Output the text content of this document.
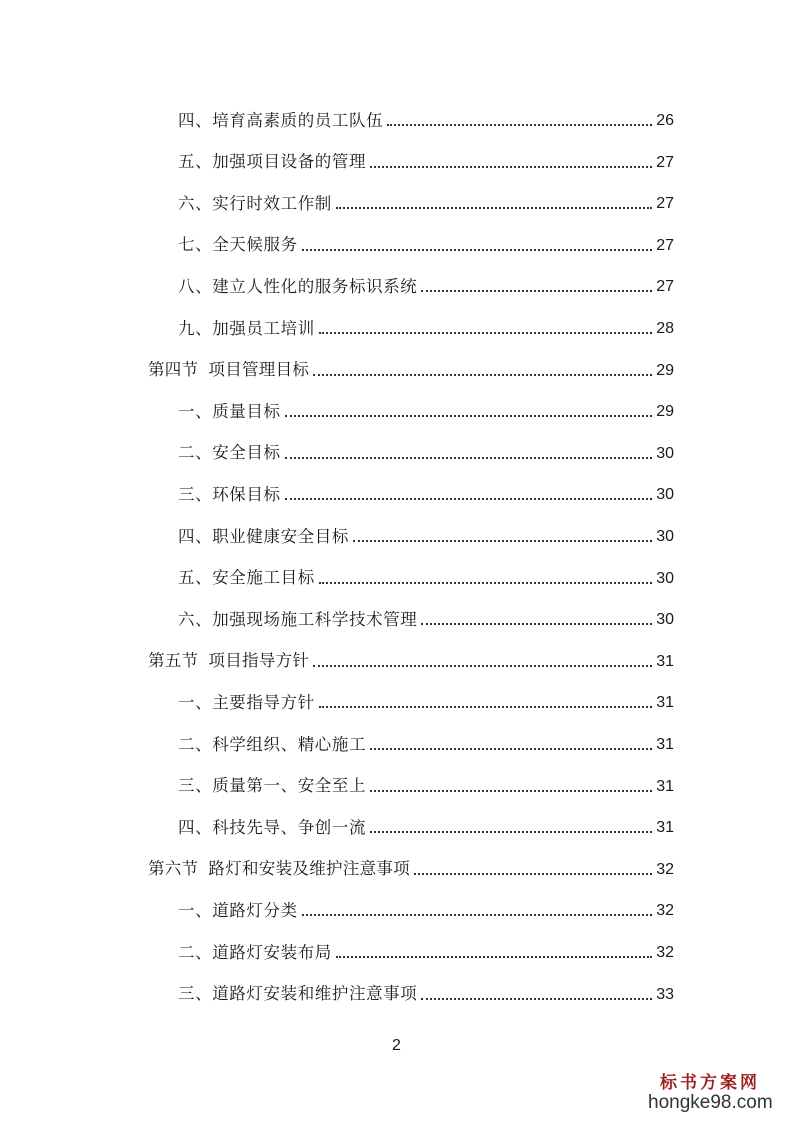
四、培育高素质的员工队伍	26
五、加强项目设备的管理	27
六、实行时效工作制	27
七、全天候服务	27
八、建立人性化的服务标识系统	27
九、加强员工培训	28
第四节 项目管理目标	29
一、质量目标	29
二、安全目标	30
三、环保目标	30
四、职业健康安全目标	30
五、安全施工目标	30
六、加强现场施工科学技术管理	30
第五节 项目指导方针	31
一、主要指导方针	31
二、科学组织、精心施工	31
三、质量第一、安全至上	31
四、科技先导、争创一流	31
第六节 路灯和安装及维护注意事项	32
一、道路灯分类	32
二、道路灯安装布局	32
三、道路灯安装和维护注意事项	33
2
标书方案网
hongke98.com
